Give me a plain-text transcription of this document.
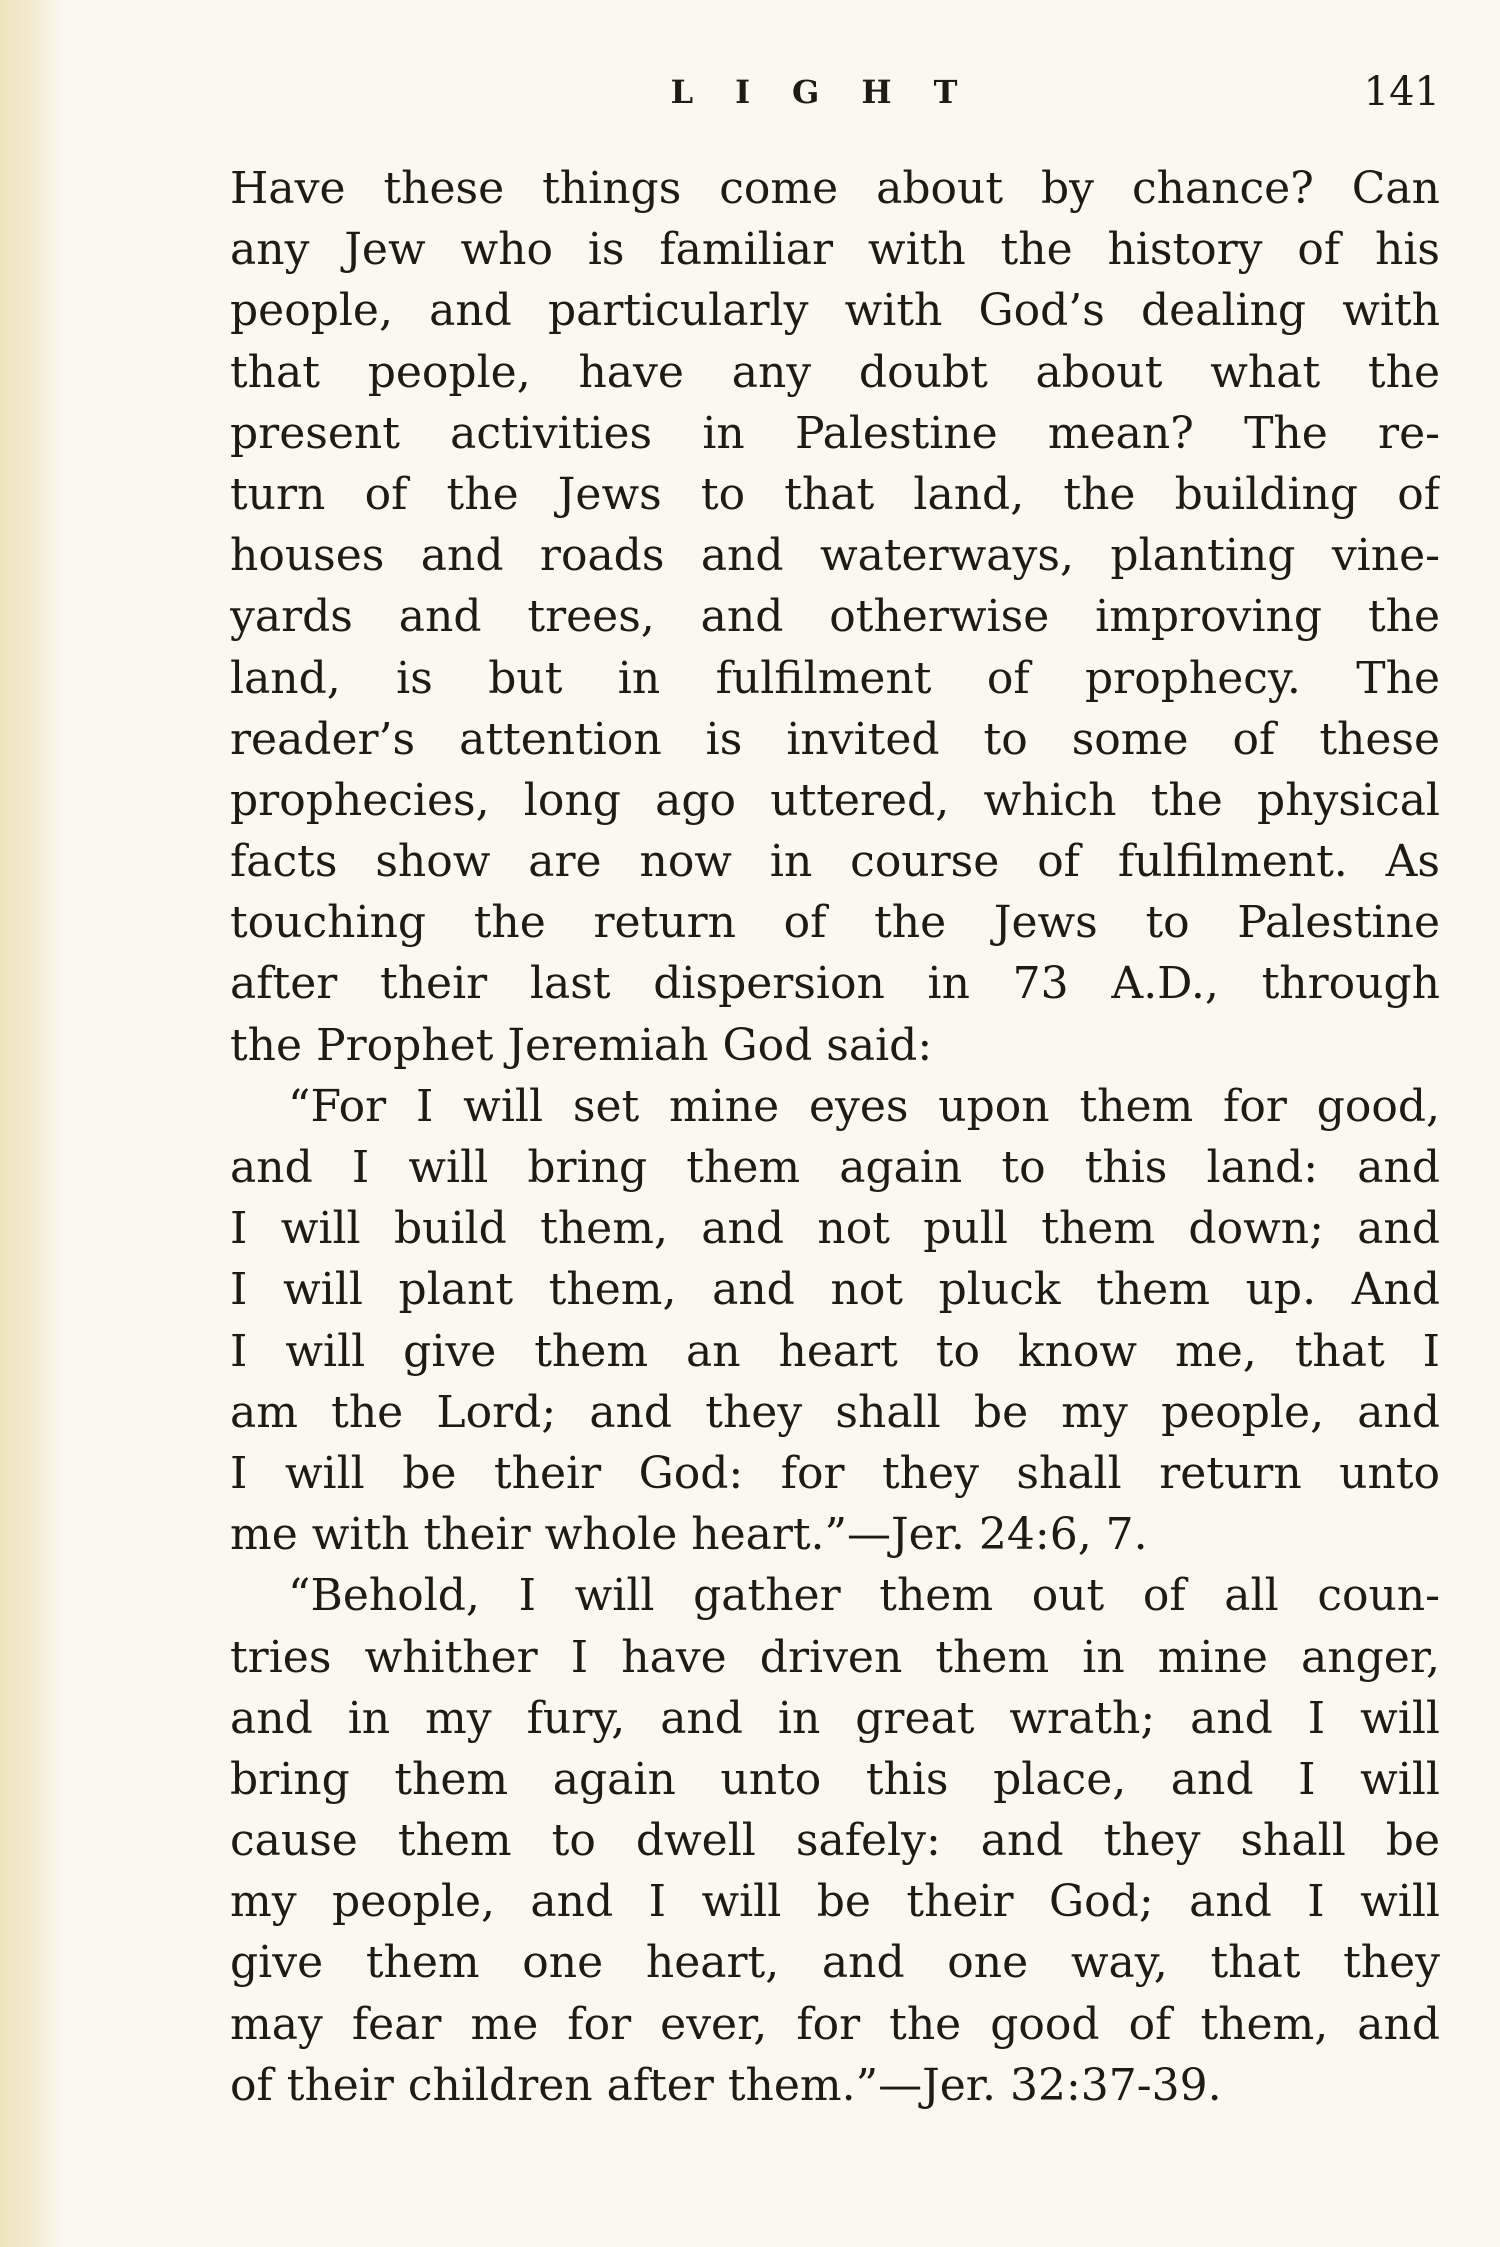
LIGHT	141
Have these things come about by chance? Can
any Jew who is familiar with the history of his
people, and particularly with God’s dealing with
that people, have any doubt about what the
present activities in Palestine mean? The re-
turn of the Jews to that land, the building of
houses and roads and waterways, planting vine-
yards and trees, and otherwise improving the
land, is but in fulfilment of prophecy. The
reader’s attention is invited to some of these
prophecies, long ago uttered, which the physical
facts show are now in course of fulfilment. As
touching the return of the Jews to Palestine
after their last dispersion in 73 A.D., through
the Prophet Jeremiah God said:
“For I will set mine eyes upon them for good,
and I will bring them again to this land: and
I will build them, and not pull them down; and
I will plant them, and not pluck them up. And
I will give them an heart to know me, that I
am the Lord; and they shall be my people, and
I will be their God: for they shall return unto
me with their whole heart.”—Jer. 24:6, 7.
“Behold, I will gather them out of all coun-
tries whither I have driven them in mine anger,
and in my fury, and in great wrath; and I will
bring them again unto this place, and I will
cause them to dwell safely: and they shall be
my people, and I will be their God; and I will
give them one heart, and one way, that they
may fear me for ever, for the good of them, and
of their children after them.”—Jer. 32:37-39.
